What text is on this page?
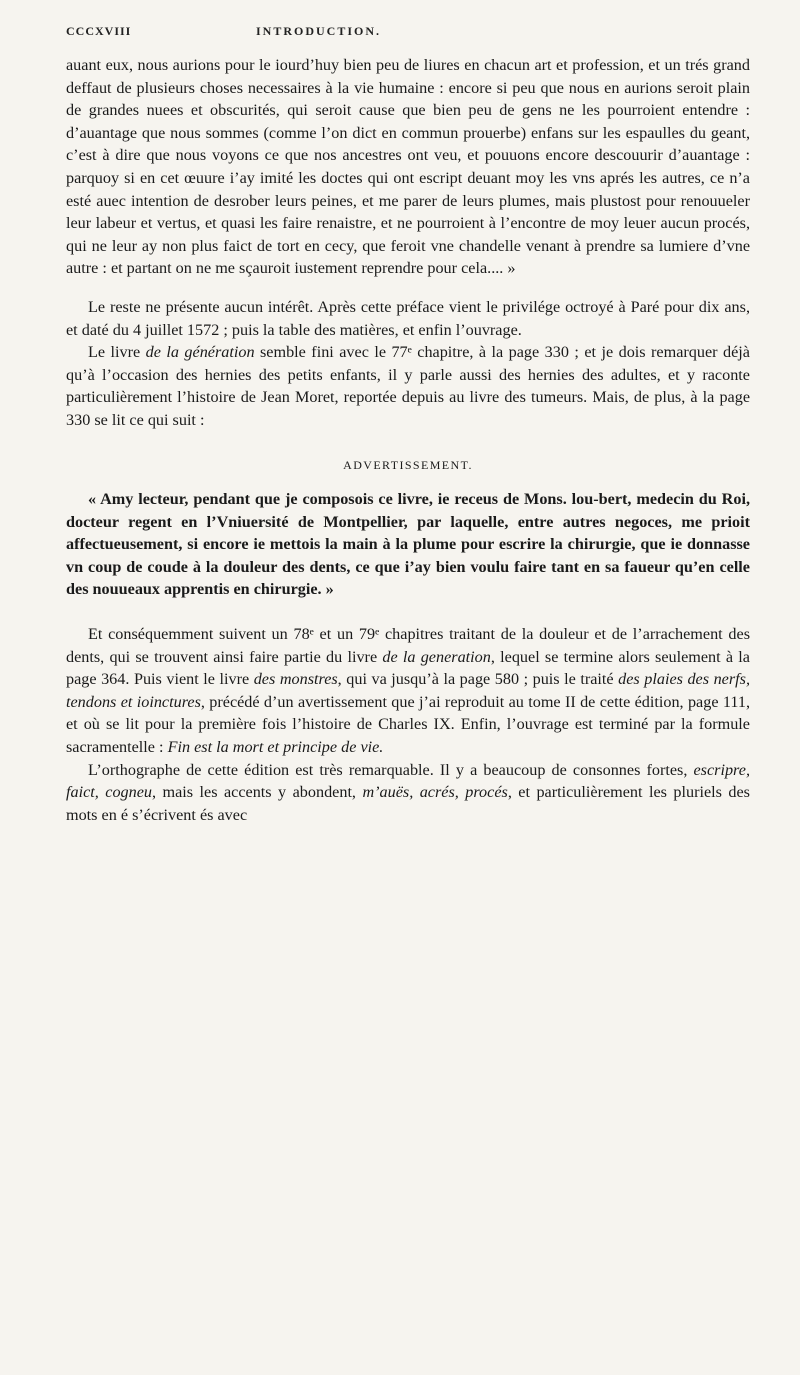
CCCXVIII	INTRODUCTION.

auant eux, nous aurions pour le iourd’huy bien peu de liures en chacun art et profession, et un trés grand deffaut de plusieurs choses necessaires à la vie humaine : encore si peu que nous en aurions seroit plain de grandes nuees et obscurités, qui seroit cause que bien peu de gens ne les pourroient entendre : d’auantage que nous sommes (comme l’on dict en commun prouerbe) enfans sur les espaulles du geant, c’est à dire que nous voyons ce que nos ancestres ont veu, et pouuons encore descouurir d’auantage : parquoy si en cet œuure i’ay imité les doctes qui ont escript deuant moy les vns aprés les autres, ce n’a esté auec intention de desrober leurs peines, et me parer de leurs plumes, mais plustost pour renouueler leur labeur et vertus, et quasi les faire renaistre, et ne pourroient à l’encontre de moy leuer aucun procés, qui ne leur ay non plus faict de tort en cecy, que feroit vne chandelle venant à prendre sa lumiere d’vne autre : et partant on ne me sçauroit iustement reprendre pour cela.... »

Le reste ne présente aucun intérêt. Après cette préface vient le privilége octroyé à Paré pour dix ans, et daté du 4 juillet 1572 ; puis la table des matières, et enfin l’ouvrage.

Le livre de la génération semble fini avec le 77ᵉ chapitre, à la page 330 ; et je dois remarquer déjà qu’à l’occasion des hernies des petits enfants, il y parle aussi des hernies des adultes, et y raconte particulièrement l’histoire de Jean Moret, reportée depuis au livre des tumeurs. Mais, de plus, à la page 330 se lit ce qui suit :

ADVERTISSEMENT.

« Amy lecteur, pendant que je composois ce livre, ie receus de Mons. lou-bert, medecin du Roi, docteur regent en l’Vniuersité de Montpellier, par laquelle, entre autres negoces, me prioit affectueusement, si encore ie mettois la main à la plume pour escrire la chirurgie, que ie donnasse vn coup de coude à la douleur des dents, ce que i’ay bien voulu faire tant en sa faueur qu’en celle des nouueaux apprentis en chirurgie. »

Et conséquemment suivent un 78ᵉ et un 79ᵉ chapitres traitant de la douleur et de l’arrachement des dents, qui se trouvent ainsi faire partie du livre de la generation, lequel se termine alors seulement à la page 364. Puis vient le livre des monstres, qui va jusqu’à la page 580 ; puis le traité des plaies des nerfs, tendons et ioinctures, précédé d’un avertissement que j’ai reproduit au tome II de cette édition, page 111, et où se lit pour la première fois l’histoire de Charles IX. Enfin, l’ouvrage est terminé par la formule sacramentelle : Fin est la mort et principe de vie.

L’orthographe de cette édition est très remarquable. Il y a beaucoup de consonnes fortes, escripre, faict, cogneu, mais les accents y abondent, m’auës, acrés, procés, et particulièrement les pluriels des mots en é s’écrivent és avec
